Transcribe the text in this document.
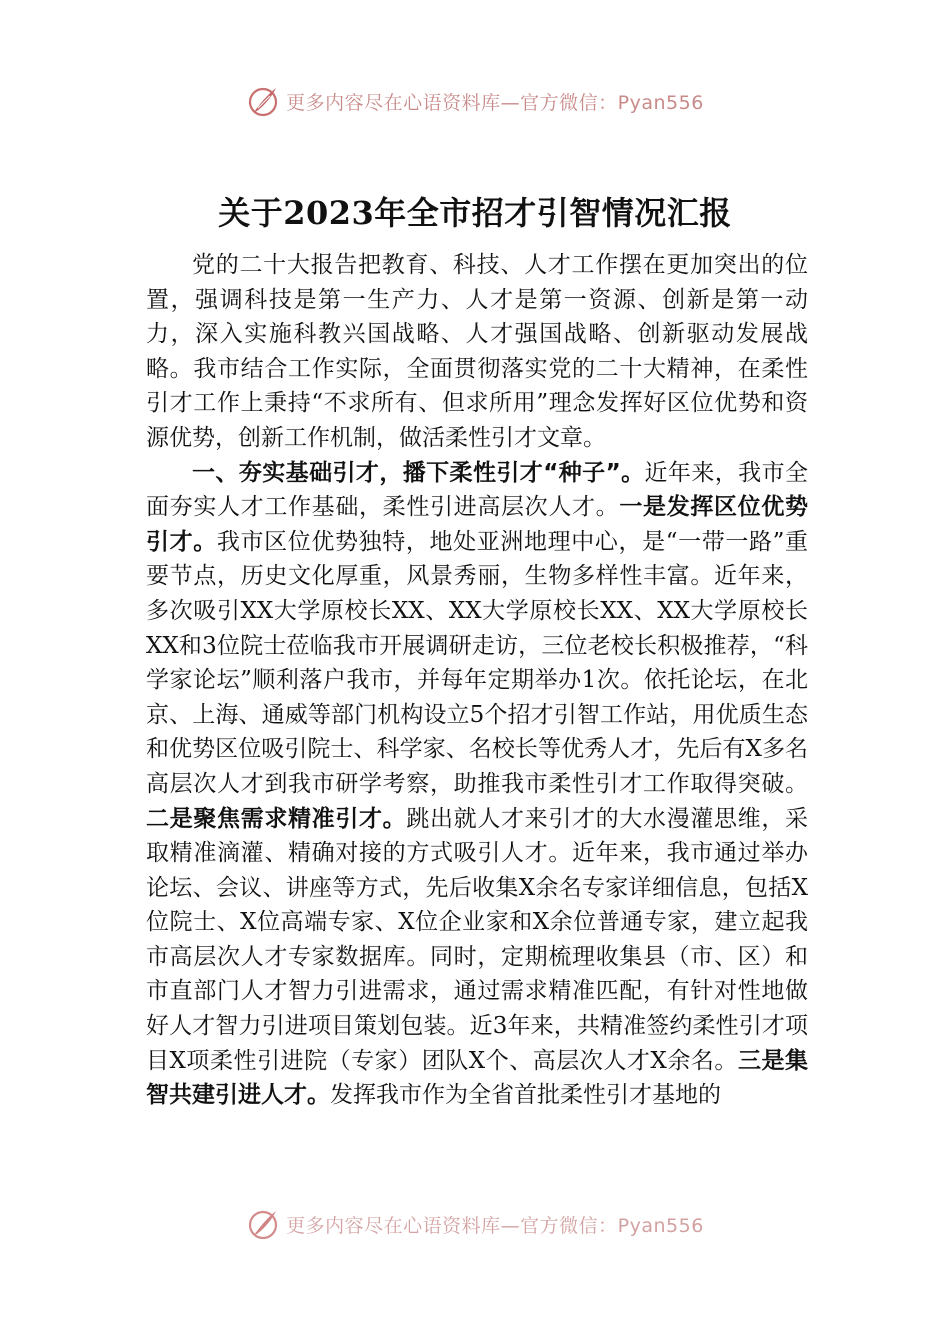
更多内容尽在心语资料库—官方微信：Pyan556
关于2023年全市招才引智情况汇报

党的二十大报告把教育、科技、人才工作摆在更加突出的位置，强调科技是第一生产力、人才是第一资源、创新是第一动力，深入实施科教兴国战略、人才强国战略、创新驱动发展战略。我市结合工作实际，全面贯彻落实党的二十大精神，在柔性引才工作上秉持“不求所有、但求所用”理念发挥好区位优势和资源优势，创新工作机制，做活柔性引才文章。

一、夯实基础引才，播下柔性引才“种子”。近年来，我市全面夯实人才工作基础，柔性引进高层次人才。一是发挥区位优势引才。我市区位优势独特，地处亚洲地理中心，是“一带一路”重要节点，历史文化厚重，风景秀丽，生物多样性丰富。近年来，多次吸引XX大学原校长XX、XX大学原校长XX、XX大学原校长XX和3位院士莅临我市开展调研走访，三位老校长积极推荐，“科学家论坛”顺利落户我市，并每年定期举办1次。依托论坛，在北京、上海、通威等部门机构设立5个招才引智工作站，用优质生态和优势区位吸引院士、科学家、名校长等优秀人才，先后有X多名高层次人才到我市研学考察，助推我市柔性引才工作取得突破。二是聚焦需求精准引才。跳出就人才来引才的大水漫灌思维，采取精准滴灌、精确对接的方式吸引人才。近年来，我市通过举办论坛、会议、讲座等方式，先后收集X余名专家详细信息，包括X位院士、X位高端专家、X位企业家和X余位普通专家，建立起我市高层次人才专家数据库。同时，定期梳理收集县（市、区）和市直部门人才智力引进需求，通过需求精准匹配，有针对性地做好人才智力引进项目策划包装。近3年来，共精准签约柔性引才项目X项柔性引进院（专家）团队X个、高层次人才X余名。三是集智共建引进人才。发挥我市作为全省首批柔性引才基地的

更多内容尽在心语资料库—官方微信：Pyan556
